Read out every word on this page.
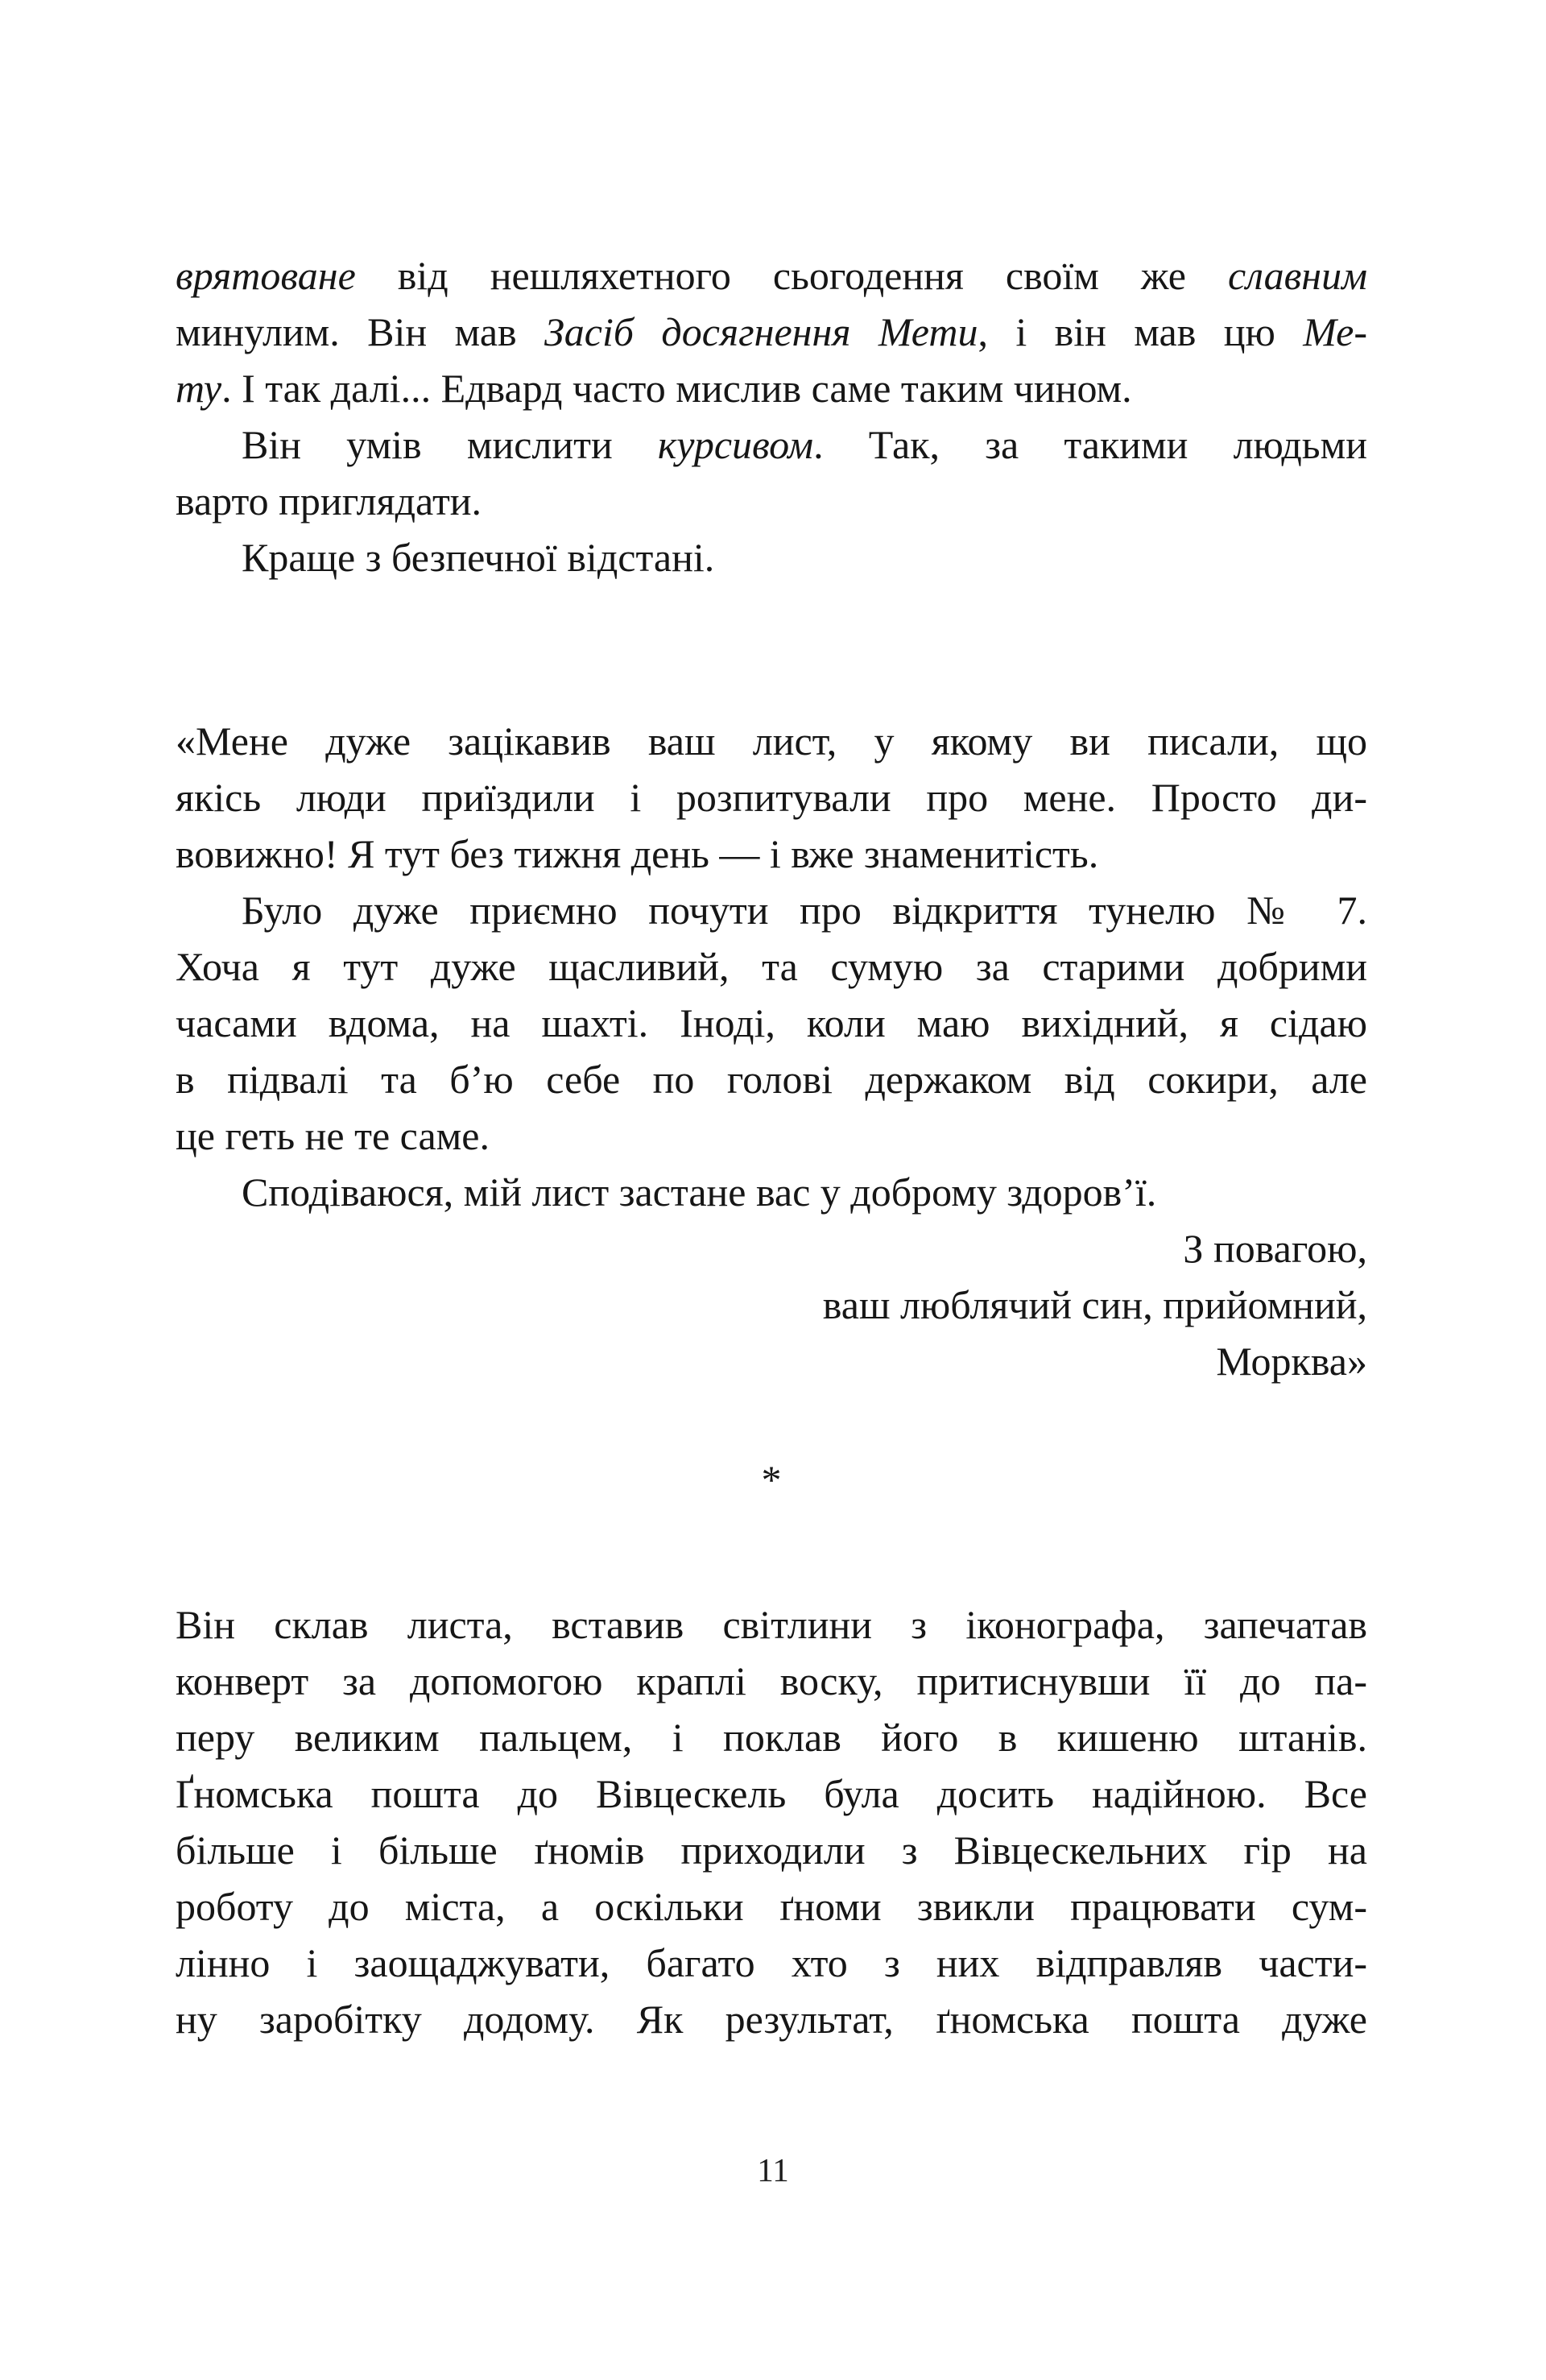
врятоване від нешляхетного сьогодення своїм же славним
минулим. Він мав Засіб досягнення Мети, і він мав цю Ме-
ту. І так далі... Едвард часто мислив саме таким чином.
Він умів мислити курсивом. Так, за такими людьми
варто приглядати.
Краще з безпечної відстані.
«Мене дуже зацікавив ваш лист, у якому ви писали, що
якісь люди приїздили і розпитували про мене. Просто ди-
вовижно! Я тут без тижня день — і вже знаменитість.
Було дуже приємно почути про відкриття тунелю № 7.
Хоча я тут дуже щасливий, та сумую за старими добрими
часами вдома, на шахті. Іноді, коли маю вихідний, я сідаю
в підвалі та б’ю себе по голові держаком від сокири, але
це геть не те саме.
Сподіваюся, мій лист застане вас у доброму здоров’ї.
З повагою,
ваш люблячий син, прийомний,
Морква»
*
Він склав листа, вставив світлини з іконографа, запечатав
конверт за допомогою краплі воску, притиснувши її до па-
перу великим пальцем, і поклав його в кишеню штанів.
Ґномська пошта до Вівцескель була досить надійною. Все
більше і більше ґномів приходили з Вівцескельних гір на
роботу до міста, а оскільки ґноми звикли працювати сум-
лінно і заощаджувати, багато хто з них відправляв части-
ну заробітку додому. Як результат, ґномська пошта дуже
11
